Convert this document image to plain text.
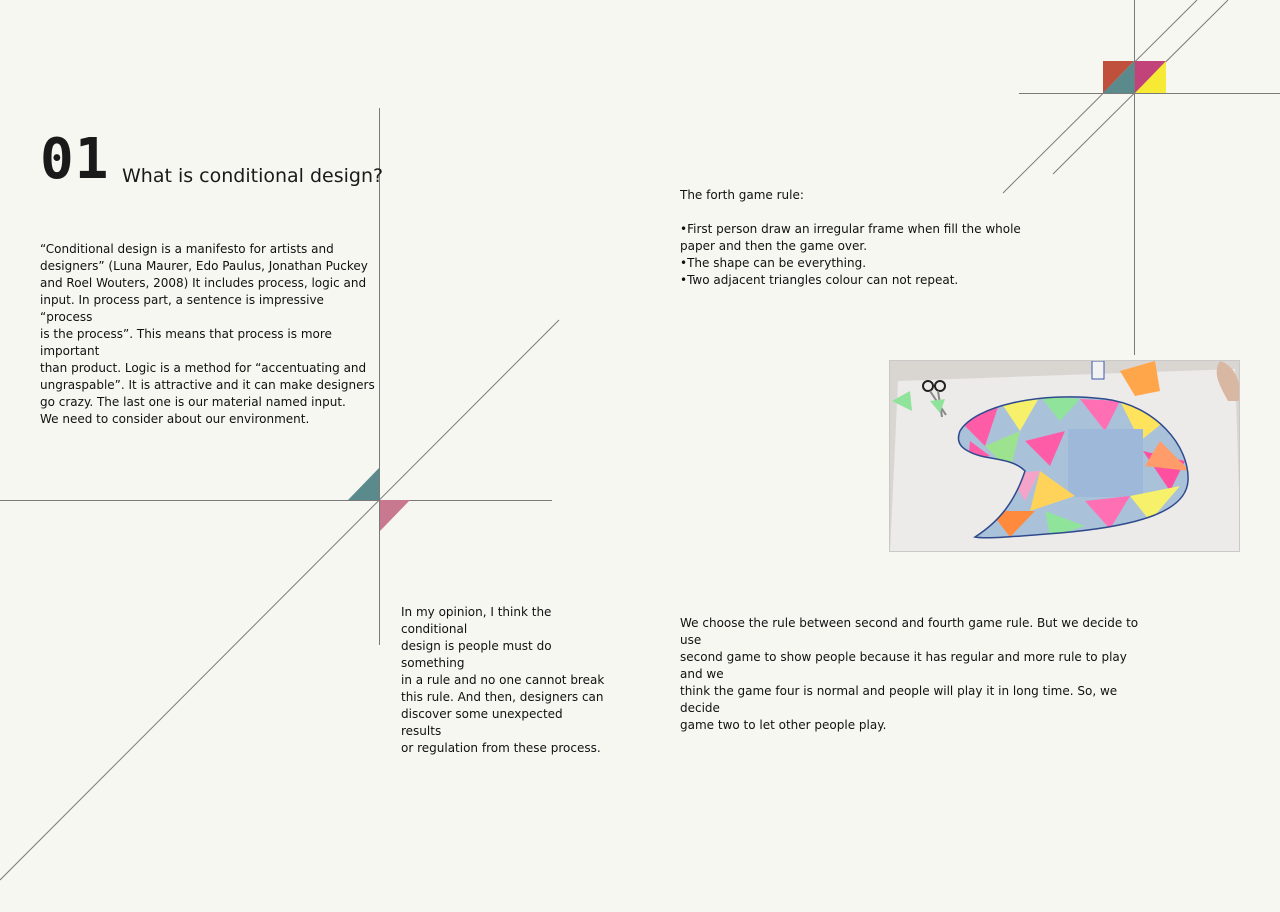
01 What is conditional design?
“Conditional design is a manifesto for artists and
designers” (Luna Maurer, Edo Paulus, Jonathan Puckey
and Roel Wouters, 2008) It includes process, logic and
input. In process part, a sentence is impressive “process
is the process”. This means that process is more important
than product. Logic is a method for “accentuating and
ungraspable”. It is attractive and it can make designers
go crazy. The last one is our material named input.
We need to consider about our environment.
In my opinion, I think the conditional
design is people must do something
in a rule and no one cannot break
this rule. And then, designers can
discover some unexpected results
or regulation from these process.
The forth game rule:
•First person draw an irregular frame when fill the whole
paper and then the game over.
•The shape can be everything.
•Two adjacent triangles colour can not repeat.
We choose the rule between second and fourth game rule. But we decide to use
second game to show people because it has regular and more rule to play and we
think the game four is normal and people will play it in long time. So, we decide
game two to let other people play.
